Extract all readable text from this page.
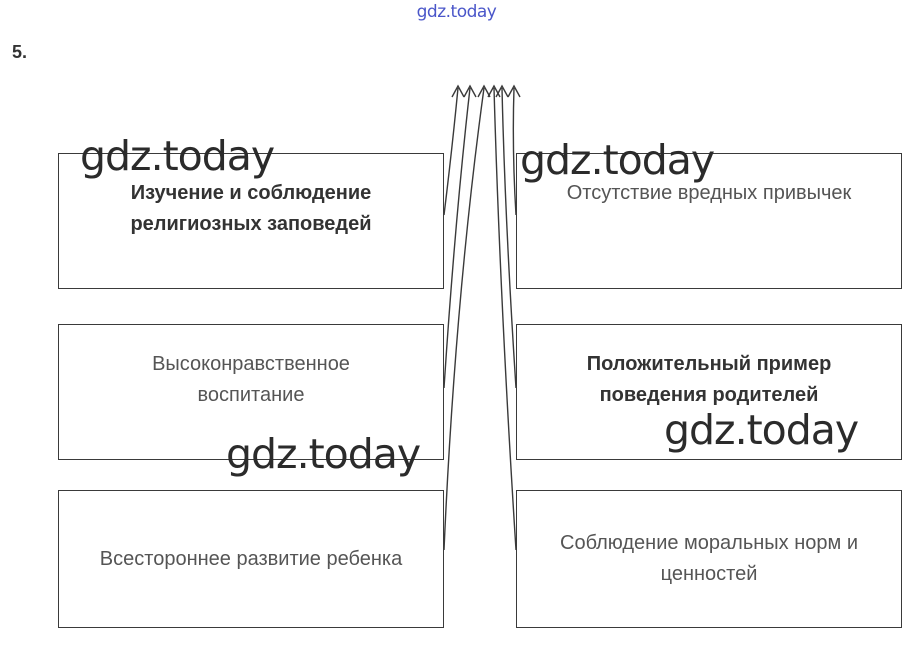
gdz.today
5.
Изучение и соблюдение религиозных заповедей
Высоконравственное воспитание
Всестороннее развитие ребенка
Отсутствие вредных привычек
Положительный пример поведения родителей
Соблюдение моральных норм и ценностей
gdz.today	gdz.today
gdz.today	gdz.today
